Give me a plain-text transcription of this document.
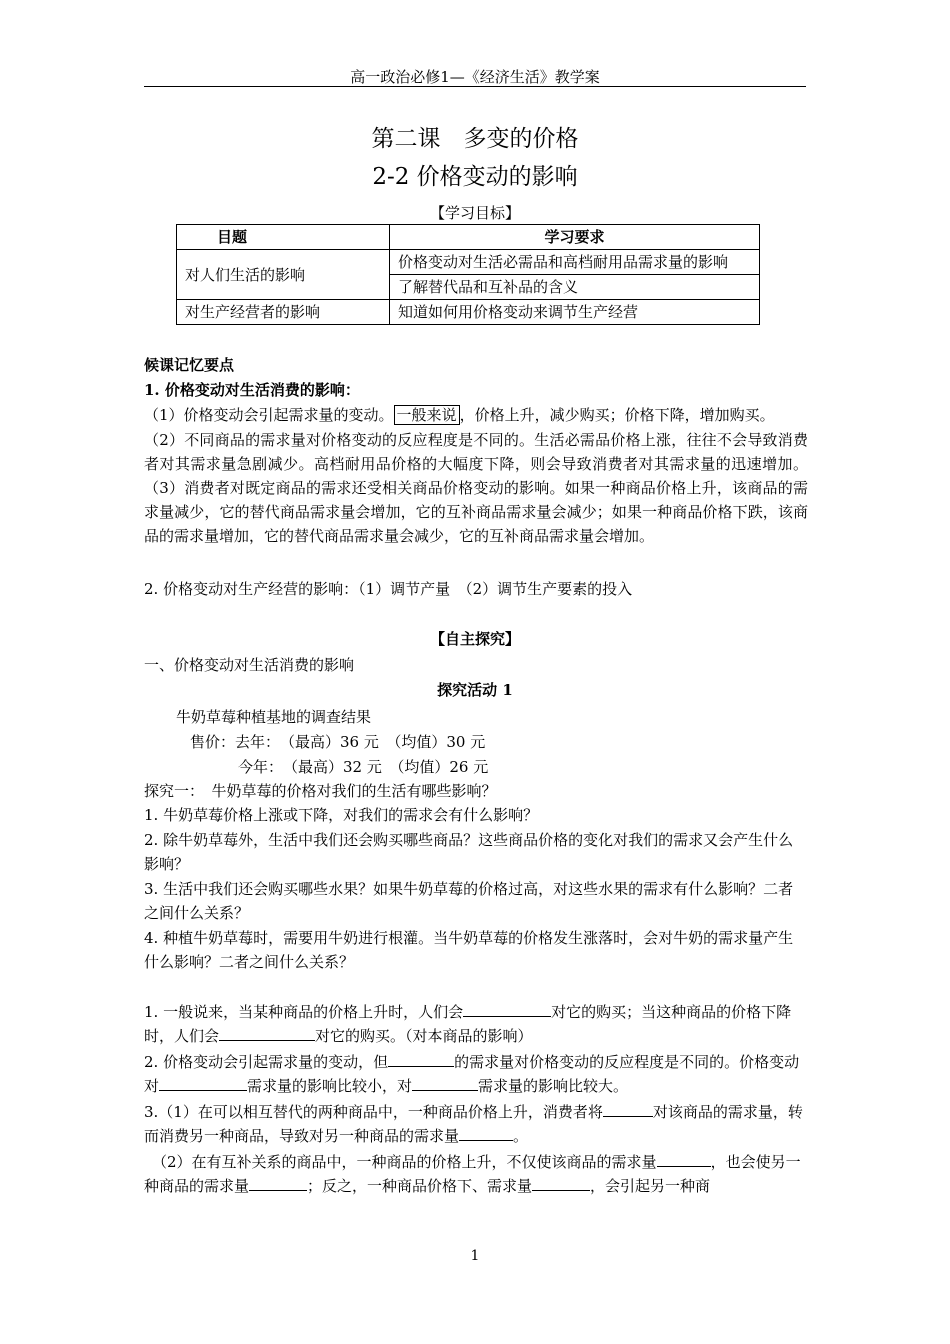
高一政治必修1—《经济生活》教学案
第二课　多变的价格
2-2 价格变动的影响
【学习目标】
目题	学习要求
对人们生活的影响	价格变动对生活必需品和高档耐用品需求量的影响
	了解替代品和互补品的含义
对生产经营者的影响	知道如何用价格变动来调节生产经营
候课记忆要点
1. 价格变动对生活消费的影响：
（1）价格变动会引起需求量的变动。 一般来说 ，价格上升，减少购买；价格下降，增加购买。
（2）不同商品的需求量对价格变动的反应程度是不同的。生活必需品价格上涨，往往不会导致消费者对其需求量急剧减少。高档耐用品价格的大幅度下降，则会导致消费者对其需求量的迅速增加。（3）消费者对既定商品的需求还受相关商品价格变动的影响。如果一种商品价格上升，该商品的需求量减少，它的替代商品需求量会增加，它的互补商品需求量会减少；如果一种商品价格下跌，该商品的需求量增加，它的替代商品需求量会减少，它的互补商品需求量会增加。
2. 价格变动对生产经营的影响：（1）调节产量　（2）调节生产要素的投入
【自主探究】
一、价格变动对生活消费的影响
探究活动 1
牛奶草莓种植基地的调查结果
售价：去年：　（最高）36 元　（均值）30 元
今年：　（最高）32 元　（均值）26 元
探究一：　牛奶草莓的价格对我们的生活有哪些影响？
1. 牛奶草莓价格上涨或下降，对我们的需求会有什么影响？
2. 除牛奶草莓外，生活中我们还会购买哪些商品？这些商品价格的变化对我们的需求又会产生什么影响？
3. 生活中我们还会购买哪些水果？如果牛奶草莓的价格过高，对这些水果的需求有什么影响？二者之间什么关系？
4. 种植牛奶草莓时，需要用牛奶进行根灌。当牛奶草莓的价格发生涨落时，会对牛奶的需求量产生什么影响？二者之间什么关系？
1. 一般说来，当某种商品的价格上升时，人们会	对它的购买；当这种商品的价格下降时，人们会	对它的购买。（对本商品的影响）
2. 价格变动会引起需求量的变动，但	的需求量对价格变动的反应程度是不同的。价格变动对	需求量的影响比较小，对	需求量的影响比较大。
3.（1）在可以相互替代的两种商品中，一种商品价格上升，消费者将	对该商品的需求量，转而消费另一种商品，导致对另一种商品的需求量	。
（2）在有互补关系的商品中，一种商品的价格上升，不仅使该商品的需求量	，也会使另一种商品的需求量	；反之，一种商品价格下、需求量	，会引起另一种商
1
